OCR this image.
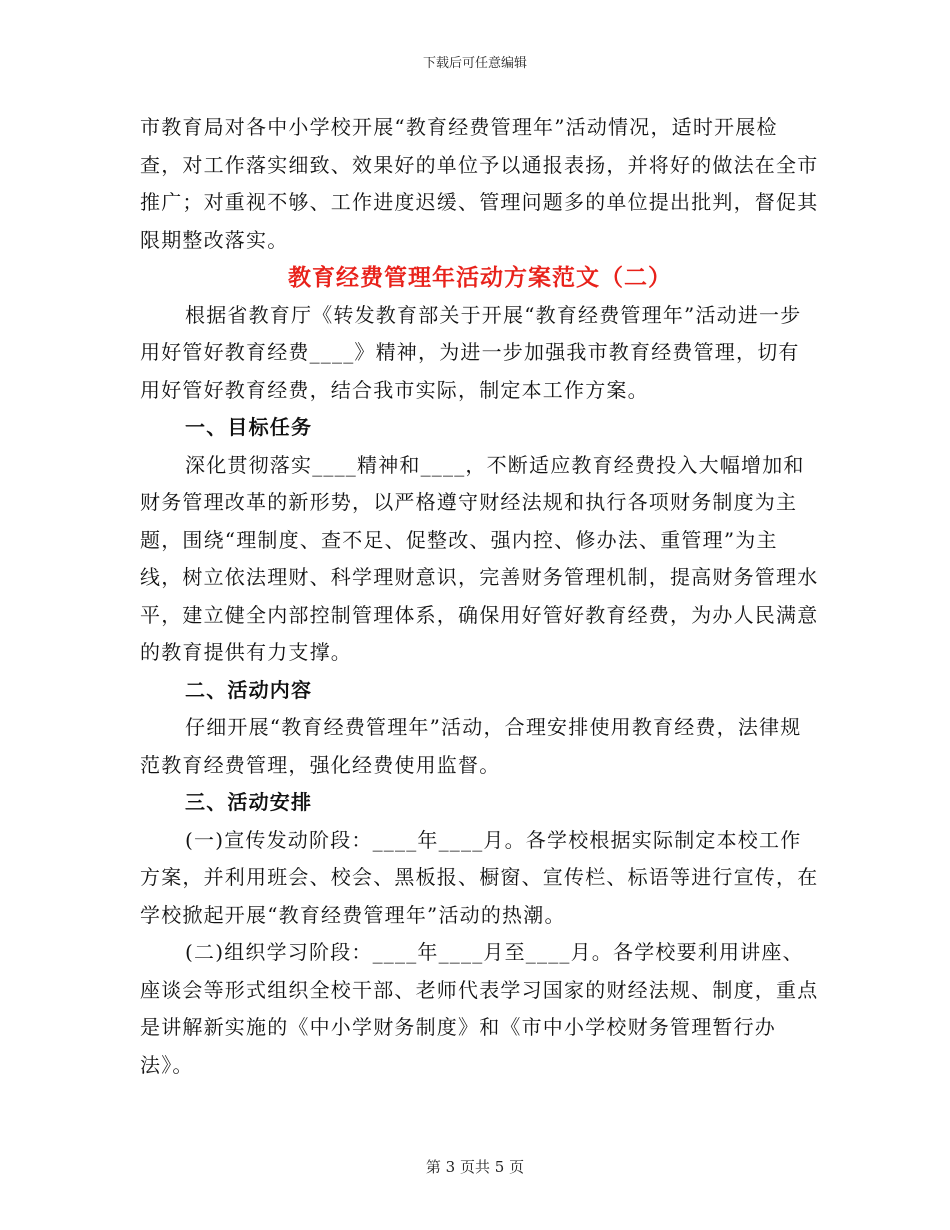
下载后可任意编辑

市教育局对各中小学校开展“教育经费管理年”活动情况，适时开展检查，对工作落实细致、效果好的单位予以通报表扬，并将好的做法在全市推广；对重视不够、工作进度迟缓、管理问题多的单位提出批判，督促其限期整改落实。

教育经费管理年活动方案范文（二）

根据省教育厅《转发教育部关于开展“教育经费管理年”活动进一步用好管好教育经费____》精神，为进一步加强我市教育经费管理，切有用好管好教育经费，结合我市实际，制定本工作方案。

一、目标任务

深化贯彻落实____精神和____，不断适应教育经费投入大幅增加和财务管理改革的新形势，以严格遵守财经法规和执行各项财务制度为主题，围绕“理制度、查不足、促整改、强内控、修办法、重管理”为主线，树立依法理财、科学理财意识，完善财务管理机制，提高财务管理水平，建立健全内部控制管理体系，确保用好管好教育经费，为办人民满意的教育提供有力支撑。

二、活动内容

仔细开展“教育经费管理年”活动，合理安排使用教育经费，法律规范教育经费管理，强化经费使用监督。

三、活动安排

(一)宣传发动阶段：____年____月。各学校根据实际制定本校工作方案，并利用班会、校会、黑板报、橱窗、宣传栏、标语等进行宣传，在学校掀起开展“教育经费管理年”活动的热潮。

(二)组织学习阶段：____年____月至____月。各学校要利用讲座、座谈会等形式组织全校干部、老师代表学习国家的财经法规、制度，重点是讲解新实施的《中小学财务制度》和《市中小学校财务管理暂行办法》。

第 3 页共 5 页
